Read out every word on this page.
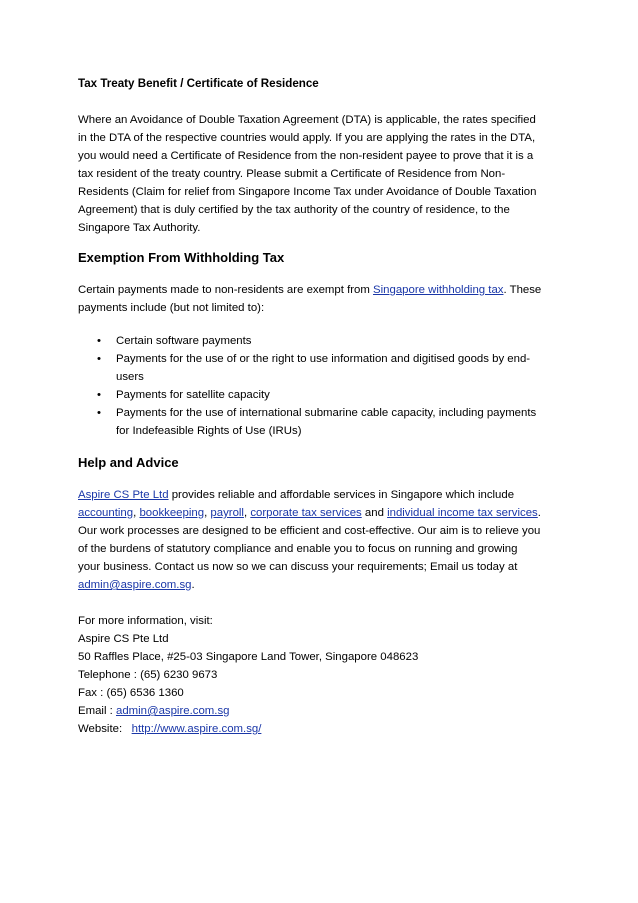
Tax Treaty Benefit / Certificate of Residence

Where an Avoidance of Double Taxation Agreement (DTA) is applicable, the rates specified
in the DTA of the respective countries would apply. If you are applying the rates in the DTA,
you would need a Certificate of Residence from the non-resident payee to prove that it is a
tax resident of the treaty country. Please submit a Certificate of Residence from Non-
Residents (Claim for relief from Singapore Income Tax under Avoidance of Double Taxation
Agreement) that is duly certified by the tax authority of the country of residence, to the
Singapore Tax Authority.

Exemption From Withholding Tax

Certain payments made to non-residents are exempt from Singapore withholding tax. These
payments include (but not limited to):

•	Certain software payments
•	Payments for the use of or the right to use information and digitised goods by end-
users
•	Payments for satellite capacity
•	Payments for the use of international submarine cable capacity, including payments
for Indefeasible Rights of Use (IRUs)
Help and Advice

Aspire CS Pte Ltd provides reliable and affordable services in Singapore which include
accounting, bookkeeping, payroll, corporate tax services and individual income tax services.
Our work processes are designed to be efficient and cost-effective. Our aim is to relieve you
of the burdens of statutory compliance and enable you to focus on running and growing
your business. Contact us now so we can discuss your requirements; Email us today at
admin@aspire.com.sg.

For more information, visit:
Aspire CS Pte Ltd
50 Raffles Place, #25-03 Singapore Land Tower, Singapore 048623
Telephone : (65) 6230 9673
Fax : (65) 6536 1360
Email : admin@aspire.com.sg
Website:   http://www.aspire.com.sg/
